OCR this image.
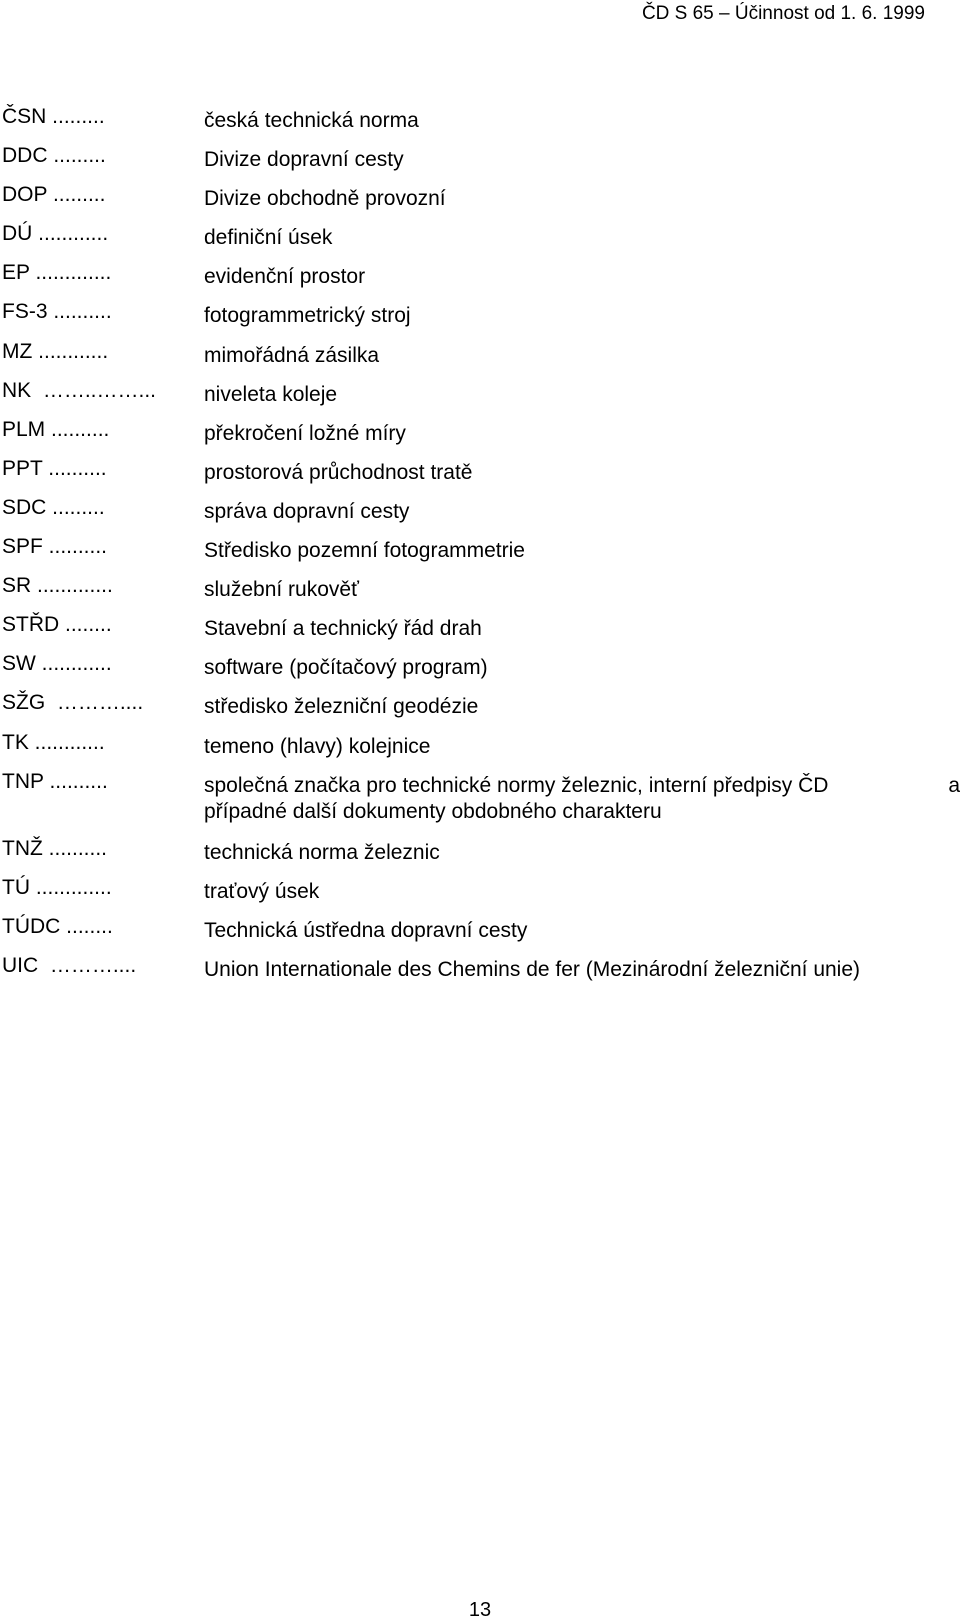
ČD S 65 – Účinnost od 1. 6. 1999
ČSN .........	česká technická norma
DDC .........	Divize dopravní cesty
DOP .........	Divize obchodně provozní
DÚ ............	definiční úsek
EP .............	evidenční prostor
FS-3 ..........	fotogrammetrický stroj
MZ ............	mimořádná zásilka
NK  ……..……... niveleta koleje
PLM ..........	překročení ložné míry
PPT ..........	prostorová průchodnost tratě
SDC .........	správa dopravní cesty
SPF ..........	Středisko pozemní fotogrammetrie
SR .............	služební rukověť
STŘD ........	Stavební a technický řád drah
SW ............	software (počítačový program)
SŽG  ………....	středisko železniční geodézie
TK ............	temeno (hlavy) kolejnice
TNP ..........	společná značka pro technické normy železnic, interní předpisy ČD
případné další dokumenty obdobného charakteru
a
TNŽ ..........	technická norma železnic
TÚ .............	traťový úsek
TÚDC ........	Technická ústředna dopravní cesty
UIC  ………....	Union Internationale des Chemins de fer (Mezinárodní železniční unie)
13
